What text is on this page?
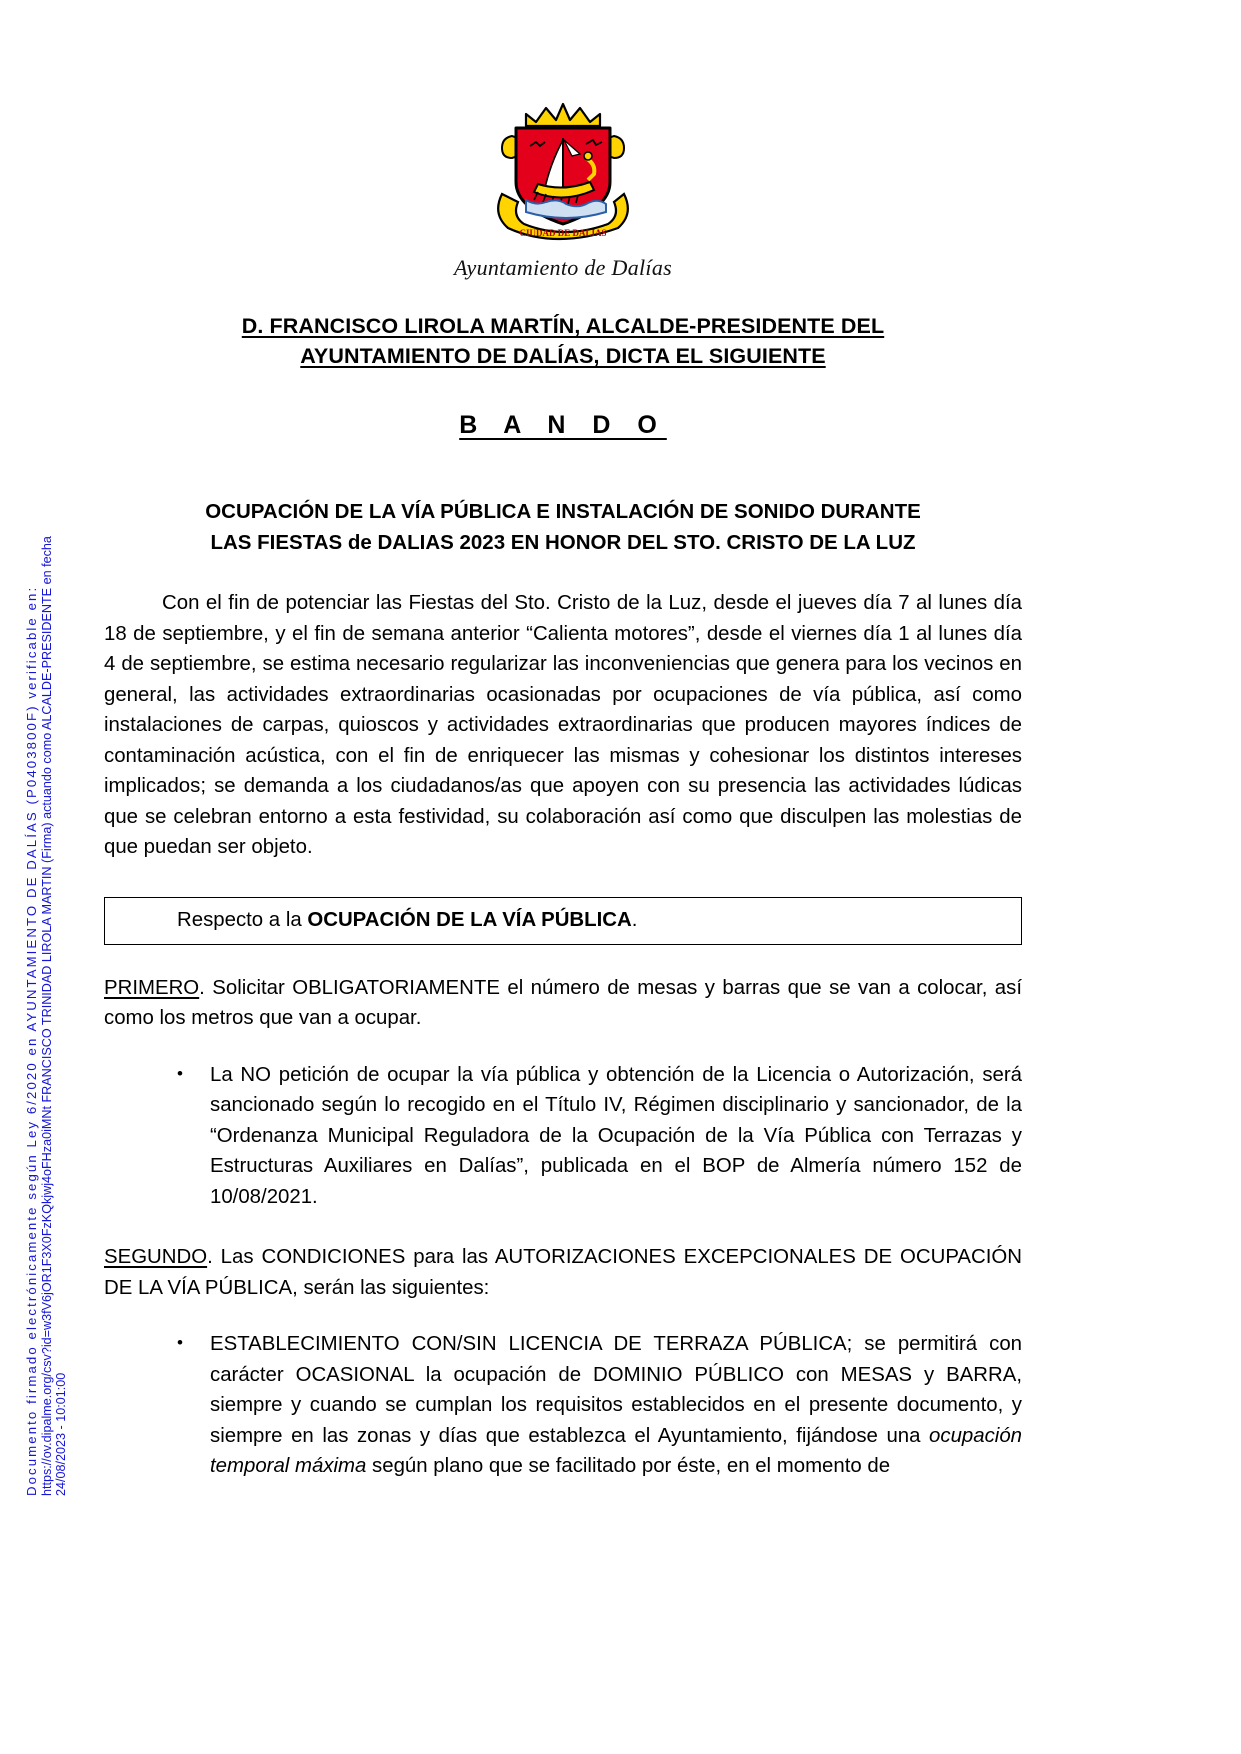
Documento firmado electrónicamente según Ley 6/2020 en AYUNTAMIENTO DE DALÍAS (P0403800F) verificable en: https://ov.dipalme.org/csv?id=w3fV6jOR1F3X0FzKQkjwj4oFHza0iMNt FRANCISCO TRINIDAD LIROLA MARTIN (Firma) actuando como ALCALDE-PRESIDENTE en fecha 24/08/2023 - 10:01:00
CIUDAD DE DALIAS
Ayuntamiento de Dalías
D. FRANCISCO LIROLA MARTÍN, ALCALDE-PRESIDENTE DEL
AYUNTAMIENTO DE DALÍAS, DICTA EL SIGUIENTE
B A N D O
OCUPACIÓN DE LA VÍA PÚBLICA E INSTALACIÓN DE SONIDO DURANTE
LAS FIESTAS de DALIAS 2023 EN HONOR DEL STO. CRISTO DE LA LUZ
Con el fin de potenciar las Fiestas del Sto. Cristo de la Luz, desde el jueves día 7 al lunes día 18 de septiembre, y el fin de semana anterior “Calienta motores”, desde el viernes día 1 al lunes día 4 de septiembre, se estima necesario regularizar las inconveniencias que genera para los vecinos en general, las actividades extraordinarias ocasionadas por ocupaciones de vía pública, así como instalaciones de carpas, quioscos y actividades extraordinarias que producen mayores índices de contaminación acústica, con el fin de enriquecer las mismas y cohesionar los distintos intereses implicados; se demanda a los ciudadanos/as que apoyen con su presencia las actividades lúdicas que se celebran entorno a esta festividad, su colaboración así como que disculpen las molestias de que puedan ser objeto.
Respecto a la OCUPACIÓN DE LA VÍA PÚBLICA.
PRIMERO. Solicitar OBLIGATORIAMENTE el número de mesas y barras que se van a colocar, así como los metros que van a ocupar.
• La NO petición de ocupar la vía pública y obtención de la Licencia o Autorización, será sancionado según lo recogido en el Título IV, Régimen disciplinario y sancionador, de la “Ordenanza Municipal Reguladora de la Ocupación de la Vía Pública con Terrazas y Estructuras Auxiliares en Dalías”, publicada en el BOP de Almería número 152 de 10/08/2021.
SEGUNDO. Las CONDICIONES para las AUTORIZACIONES EXCEPCIONALES DE OCUPACIÓN DE LA VÍA PÚBLICA, serán las siguientes:
• ESTABLECIMIENTO CON/SIN LICENCIA DE TERRAZA PÚBLICA; se permitirá con carácter OCASIONAL la ocupación de DOMINIO PÚBLICO con MESAS y BARRA, siempre y cuando se cumplan los requisitos establecidos en el presente documento, y siempre en las zonas y días que establezca el Ayuntamiento, fijándose una ocupación temporal máxima según plano que se facilitado por éste, en el momento de
